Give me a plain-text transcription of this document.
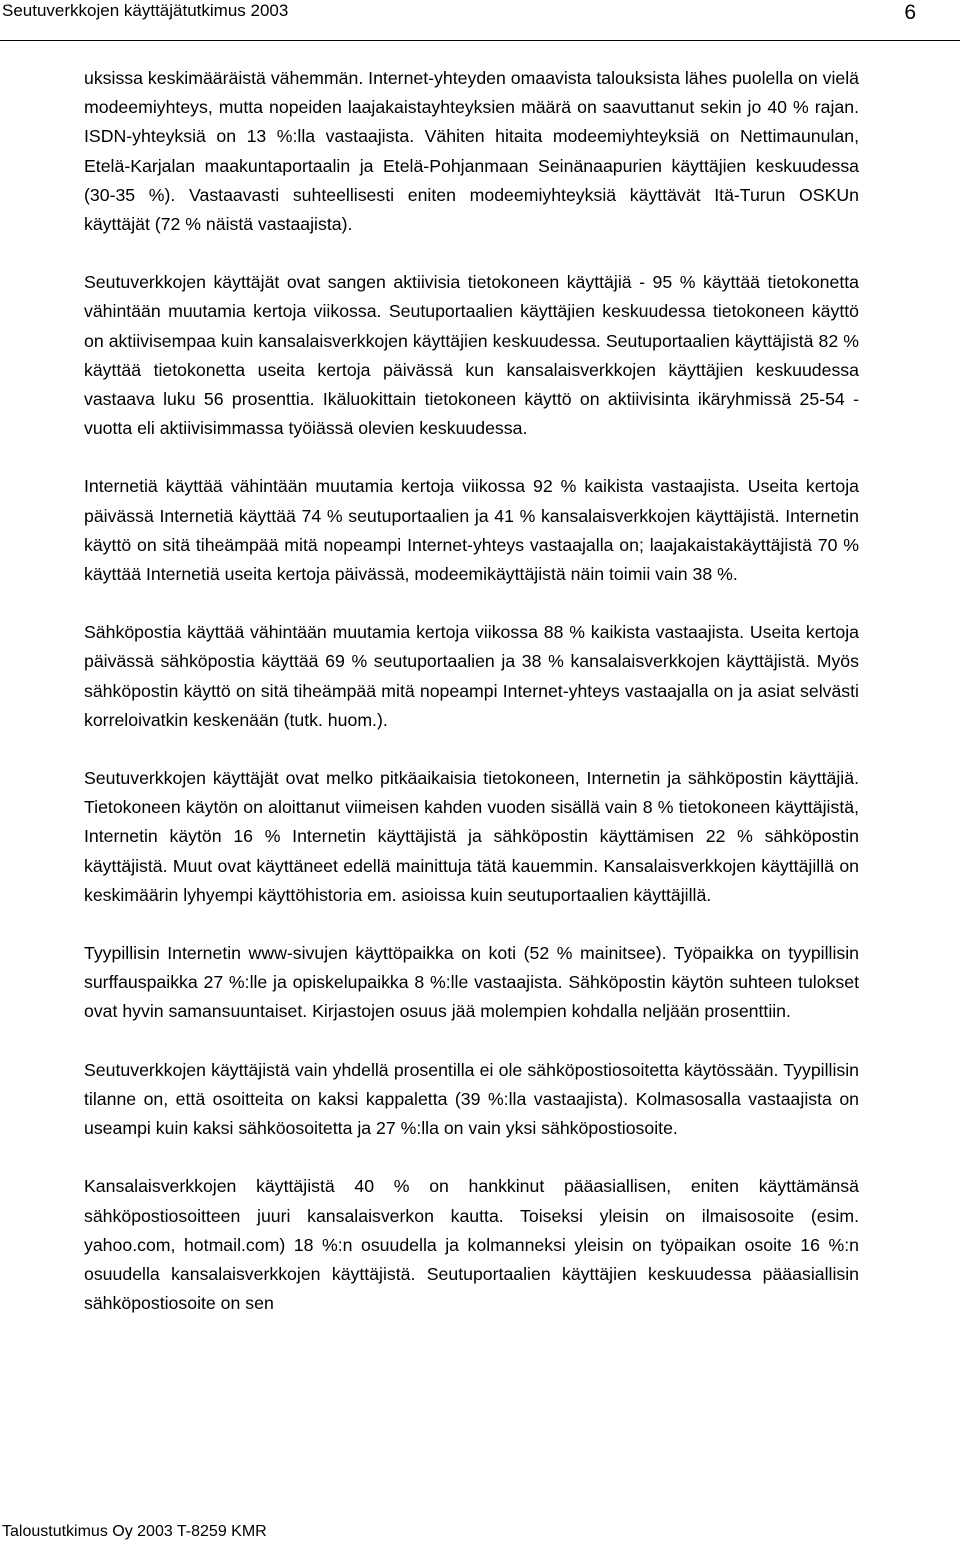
Seutuverkkojen käyttäjätutkimus 2003	6

uksissa keskimääräistä vähemmän. Internet-yhteyden omaavista talouksista lähes puolella on vielä modeemiyhteys, mutta nopeiden laajakaistayhteyksien määrä on saavuttanut sekin jo 40 % rajan. ISDN-yhteyksiä on 13 %:lla vastaajista. Vähiten hitaita modeemiyhteyksiä on Nettimaunulan, Etelä-Karjalan maakuntaportaalin ja Etelä-Pohjanmaan Seinänaapurien käyttäjien keskuudessa (30-35 %). Vastaavasti suhteellisesti eniten modeemiyhteyksiä käyttävät Itä-Turun OSKUn käyttäjät (72 % näistä vastaajista).

Seutuverkkojen käyttäjät ovat sangen aktiivisia tietokoneen käyttäjiä - 95 % käyttää tietokonetta vähintään muutamia kertoja viikossa. Seutuportaalien käyttäjien keskuudessa tietokoneen käyttö on aktiivisempaa kuin kansalaisverkkojen käyttäjien keskuudessa. Seutuportaalien käyttäjistä 82 % käyttää tietokonetta useita kertoja päivässä kun kansalaisverkkojen käyttäjien keskuudessa vastaava luku 56 prosenttia. Ikäluokittain tietokoneen käyttö on aktiivisinta ikäryhmissä 25-54 -vuotta eli aktiivisimmassa työiässä olevien keskuudessa.

Internetiä käyttää vähintään muutamia kertoja viikossa 92 % kaikista vastaajista. Useita kertoja päivässä Internetiä käyttää 74 % seutuportaalien ja 41 % kansalaisverkkojen käyttäjistä. Internetin käyttö on sitä tiheämpää mitä nopeampi Internet-yhteys vastaajalla on; laajakaistakäyttäjistä 70 % käyttää Internetiä useita kertoja päivässä, modeemikäyttäjistä näin toimii vain 38 %.

Sähköpostia käyttää vähintään muutamia kertoja viikossa 88 % kaikista vastaajista. Useita kertoja päivässä sähköpostia käyttää 69 % seutuportaalien ja 38 % kansalaisverkkojen käyttäjistä. Myös sähköpostin käyttö on sitä tiheämpää mitä nopeampi Internet-yhteys vastaajalla on ja asiat selvästi korreloivatkin keskenään (tutk. huom.).

Seutuverkkojen käyttäjät ovat melko pitkäaikaisia tietokoneen, Internetin ja sähköpostin käyttäjiä. Tietokoneen käytön on aloittanut viimeisen kahden vuoden sisällä vain 8 % tietokoneen käyttäjistä, Internetin käytön 16 % Internetin käyttäjistä ja sähköpostin käyttämisen 22 % sähköpostin käyttäjistä. Muut ovat käyttäneet edellä mainittuja tätä kauemmin. Kansalaisverkkojen käyttäjillä on keskimäärin lyhyempi käyttöhistoria em. asioissa kuin seutuportaalien käyttäjillä.

Tyypillisin Internetin www-sivujen käyttöpaikka on koti (52 % mainitsee). Työpaikka on tyypillisin surffauspaikka 27 %:lle ja opiskelupaikka 8 %:lle vastaajista. Sähköpostin käytön suhteen tulokset ovat hyvin samansuuntaiset. Kirjastojen osuus jää molempien kohdalla neljään prosenttiin.

Seutuverkkojen käyttäjistä vain yhdellä prosentilla ei ole sähköpostiosoitetta käytössään. Tyypillisin tilanne on, että osoitteita on kaksi kappaletta (39 %:lla vastaajista). Kolmasosalla vastaajista on useampi kuin kaksi sähköosoitetta ja 27 %:lla on vain yksi sähköpostiosoite.

Kansalaisverkkojen käyttäjistä 40 % on hankkinut pääasiallisen, eniten käyttämänsä sähköpostiosoitteen juuri kansalaisverkon kautta. Toiseksi yleisin on ilmaisosoite (esim. yahoo.com, hotmail.com) 18 %:n osuudella ja kolmanneksi yleisin on työpaikan osoite 16 %:n osuudella kansalaisverkkojen käyttäjistä. Seutuportaalien käyttäjien keskuudessa pääasiallisin sähköpostiosoite on sen

Taloustutkimus Oy 2003 T-8259 KMR
